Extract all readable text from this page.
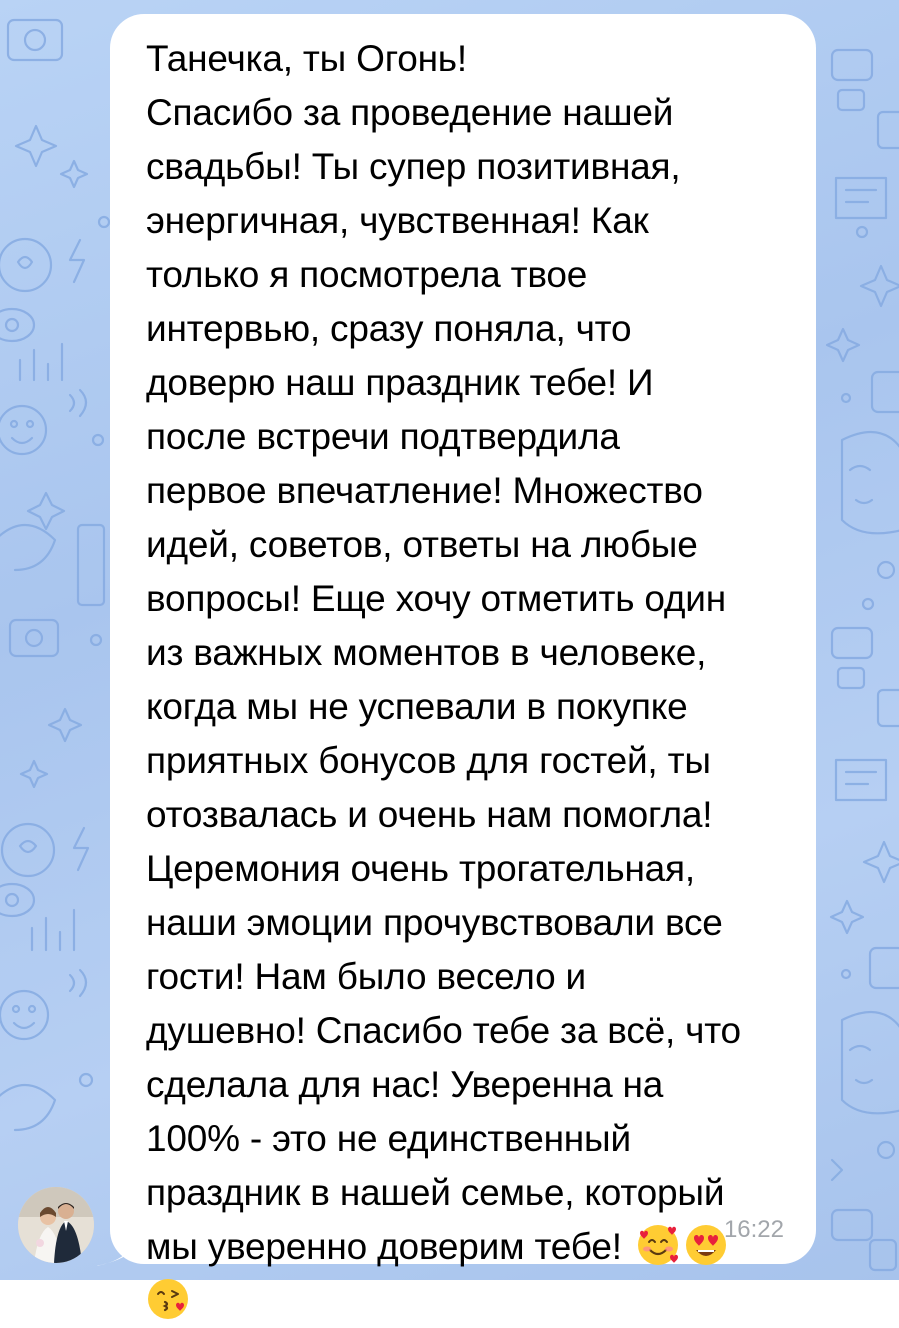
Танечка, ты Огонь!
Спасибо за проведение нашей
свадьбы! Ты супер позитивная,
энергичная, чувственная! Как
только я посмотрела твое
интервью, сразу поняла, что
доверю наш праздник тебе! И
после встречи подтвердила
первое впечатление! Множество
идей, советов, ответы на любые
вопросы! Еще хочу отметить один
из важных моментов в человеке,
когда мы не успевали в покупке
приятных бонусов для гостей, ты
отозвалась и очень нам помогла!
Церемония очень трогательная,
наши эмоции прочувствовали все
гости! Нам было весело и
душевно! Спасибо тебе за всё, что
сделала для нас! Уверенна на
100% - это не единственный
праздник в нашей семье, который
мы уверенно доверим тебе!	16:22
